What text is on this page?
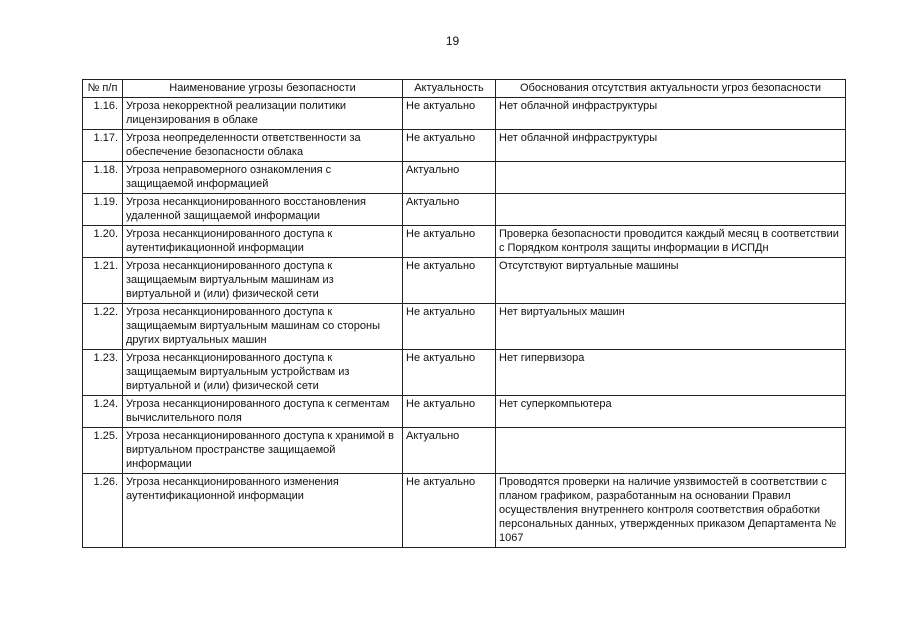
19
№ п/п	Наименование угрозы безопасности	Актуальность	Обоснования отсутствия актуальности угроз безопасности
1.16.	Угроза некорректной реализации политики лицензирования в облаке	Не актуально	Нет облачной инфраструктуры
1.17.	Угроза неопределенности ответственности за обеспечение безопасности облака	Не актуально	Нет облачной инфраструктуры
1.18.	Угроза неправомерного ознакомления с защищаемой информацией	Актуально	
1.19.	Угроза несанкционированного восстановления удаленной защищаемой информации	Актуально	
1.20.	Угроза несанкционированного доступа к аутентификационной информации	Не актуально	Проверка безопасности проводится каждый месяц в соответствии с Порядком контроля защиты информации в ИСПДн
1.21.	Угроза несанкционированного доступа к защищаемым виртуальным машинам из виртуальной и (или) физической сети	Не актуально	Отсутствуют виртуальные машины
1.22.	Угроза несанкционированного доступа к защищаемым виртуальным машинам со стороны других виртуальных машин	Не актуально	Нет виртуальных машин
1.23.	Угроза несанкционированного доступа к защищаемым виртуальным устройствам из виртуальной и (или) физической сети	Не актуально	Нет гипервизора
1.24.	Угроза несанкционированного доступа к сегментам вычислительного поля	Не актуально	Нет суперкомпьютера
1.25.	Угроза несанкционированного доступа к хранимой в виртуальном пространстве защищаемой информации	Актуально	
1.26.	Угроза несанкционированного изменения аутентификационной информации	Не актуально	Проводятся проверки на наличие уязвимостей в соответствии с планом графиком, разработанным на основании Правил осуществления внутреннего контроля соответствия обработки персональных данных, утвержденных приказом Департамента № 1067
